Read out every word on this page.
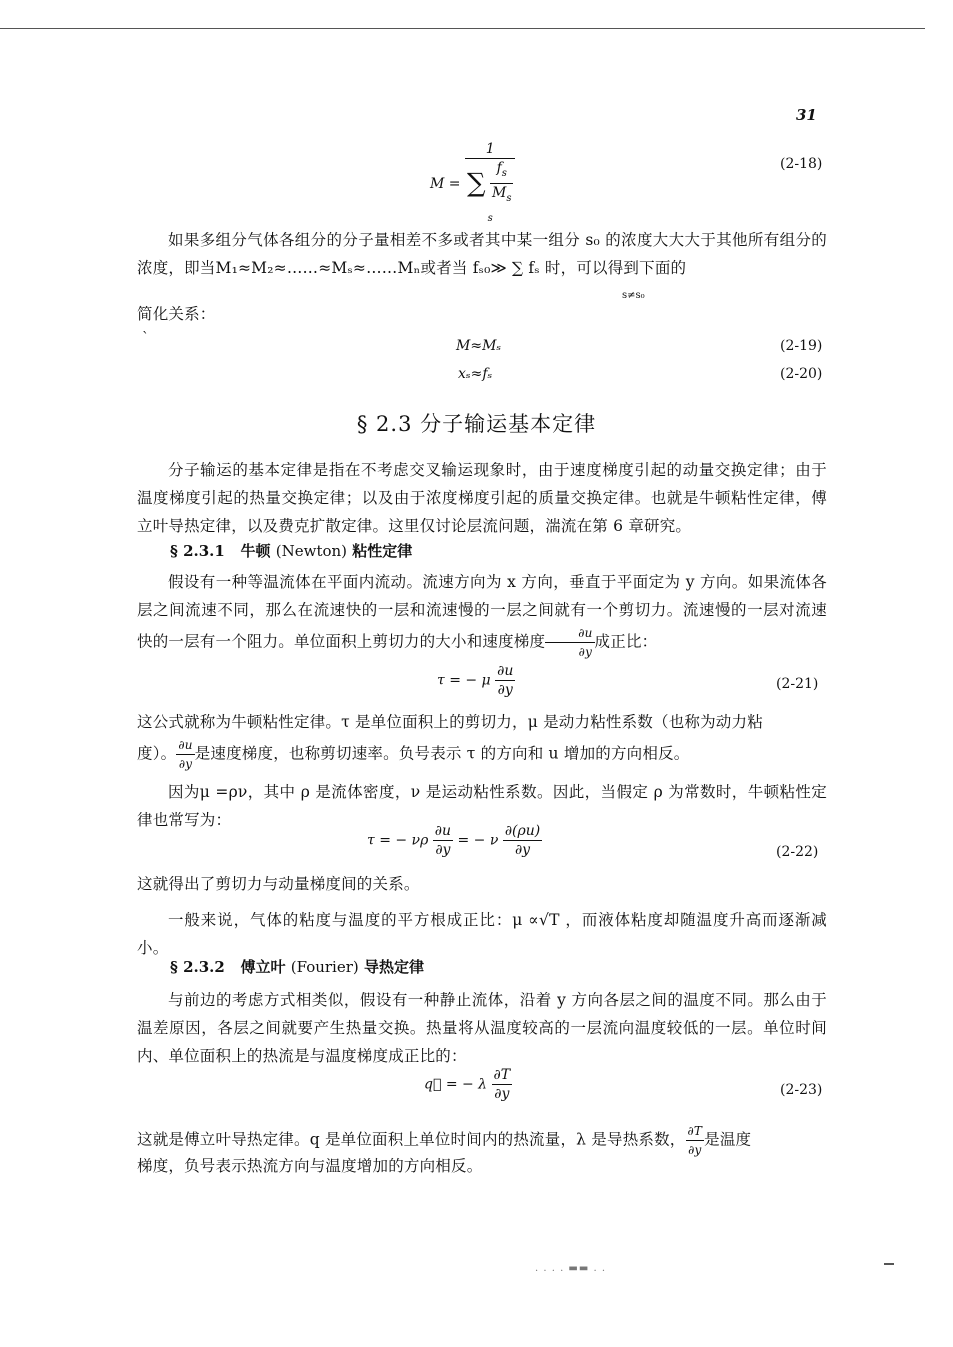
31
M =
1
∑ $\frac{f_s}{M_s}$

s
(2-18)
如果多组分气体各组分的分子量相差不多或者其中某一组分 s₀ 的浓度大大大于其他所有组分的浓度，即当M₁≈M₂≈……≈Mₛ≈……Mₙ或者当 fₛ₀≫ ∑ fₛ 时，可以得到下面的
s≠s₀
简化关系：
`	M≈Mₛ	(2-19)
xₛ≈fₛ	(2-20)
§ 2.3 分子输运基本定律
分子输运的基本定律是指在不考虑交叉输运现象时，由于速度梯度引起的动量交换定律；由于温度梯度引起的热量交换定律；以及由于浓度梯度引起的质量交换定律。也就是牛顿粘性定律，傅立叶导热定律，以及费克扩散定律。这里仅讨论层流问题，湍流在第 6 章研究。
§ 2.3.1 牛顿 (Newton) 粘性定律
假设有一种等温流体在平面内流动。流速方向为 x 方向，垂直于平面定为 y 方向。如果流体各层之间流速不同，那么在流速快的一层和流速慢的一层之间就有一个剪切力。流速慢的一层对流速快的一层有一个阻力。单位面积上剪切力的大小和速度梯度 $\frac{\partial u}{\partial y}$ 成正比：
τ = − μ $\frac{\partial u}{\partial y}$	(2-21)
这公式就称为牛顿粘性定律。τ 是单位面积上的剪切力，μ 是动力粘性系数（也称为动力粘
度）。 $\frac{\partial u}{\partial y}$ 是速度梯度，也称剪切速率。负号表示 τ 的方向和 u 增加的方向相反。
因为μ =ρν，其中 ρ 是流体密度，ν 是运动粘性系数。因此，当假定 ρ 为常数时，牛顿粘性定律也常写为：
τ = − νρ $\frac{\partial u}{\partial y}$ = − ν $\frac{\partial(\rho u)}{\partial y}$	(2-22)
这就得出了剪切力与动量梯度间的关系。
一般来说，气体的粘度与温度的平方根成正比：μ ∝√T ，而液体粘度却随温度升高而逐渐减小。
§ 2.3.2 傅立叶 (Fourier) 导热定律
与前边的考虑方式相类似，假设有一种静止流体，沿着 y 方向各层之间的温度不同。那么由于温差原因，各层之间就要产生热量交换。热量将从温度较高的一层流向温度较低的一层。单位时间内、单位面积上的热流是与温度梯度成正比的：
q⃗ = − λ $\frac{\partial T}{\partial y}$	(2-23)
这就是傅立叶导热定律。q 是单位面积上单位时间内的热流量，λ 是导热系数， $\frac{\partial T}{\partial y}$ 是温度
梯度，负号表示热流方向与温度增加的方向相反。
. . . . ▬▬ . .
